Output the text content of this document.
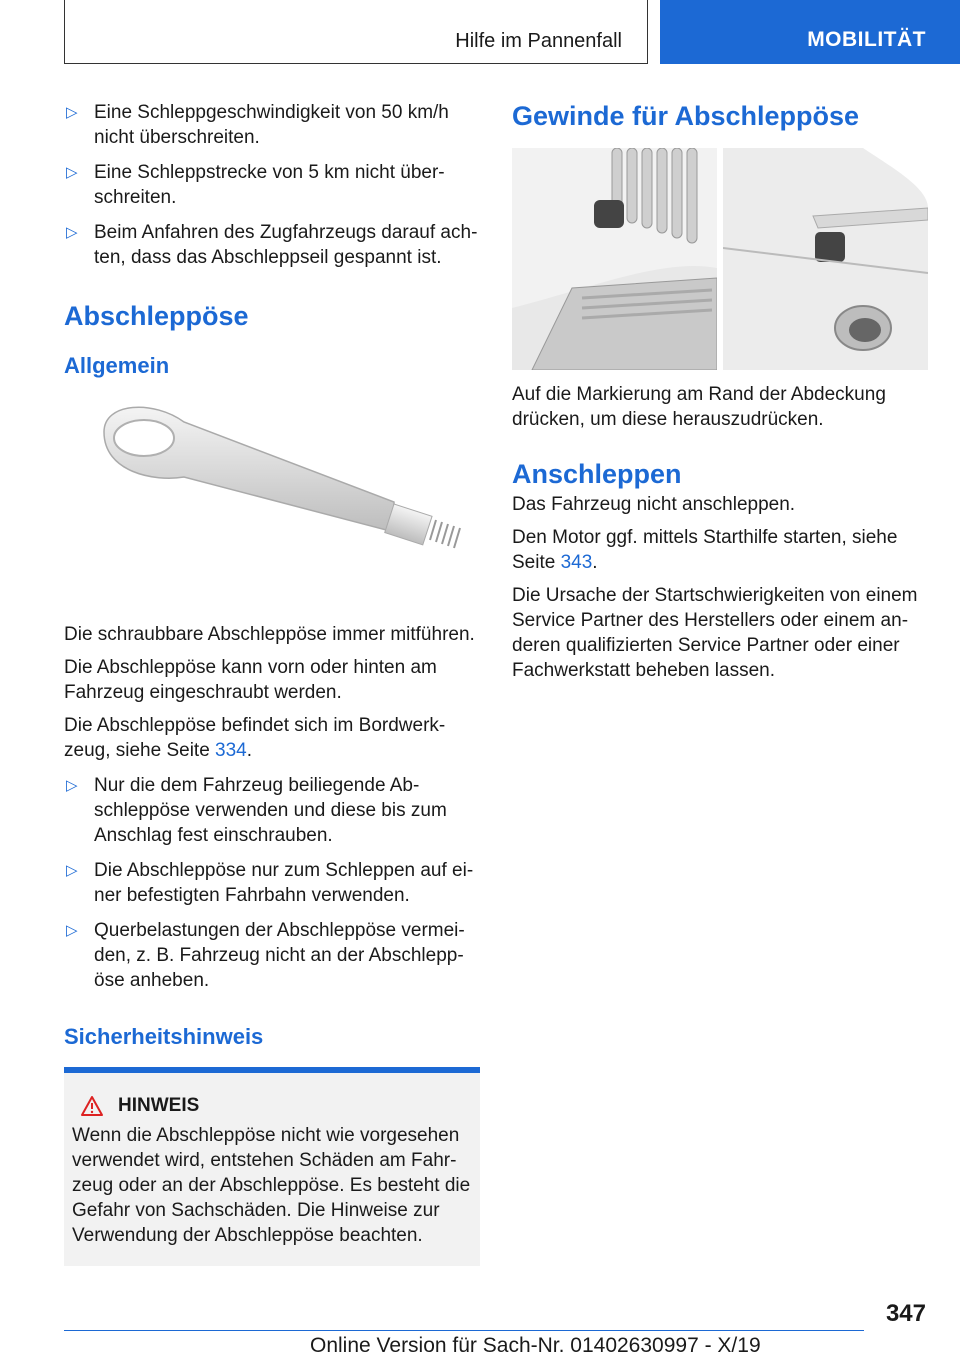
Hilfe im Pannenfall	MOBILITÄT
▷ Eine Schleppgeschwindigkeit von 50 km/h nicht überschreiten.
▷ Eine Schleppstrecke von 5 km nicht überschreiten.
▷ Beim Anfahren des Zugfahrzeugs darauf achten, dass das Abschleppseil gespannt ist.
Abschleppöse
Allgemein

Die schraubbare Abschleppöse immer mitführen.

Die Abschleppöse kann vorn oder hinten am Fahrzeug eingeschraubt werden.

Die Abschleppöse befindet sich im Bordwerkzeug, siehe Seite 334.

▷ Nur die dem Fahrzeug beiliegende Abschleppöse verwenden und diese bis zum Anschlag fest einschrauben.
▷ Die Abschleppöse nur zum Schleppen auf einer befestigten Fahrbahn verwenden.
▷ Querbelastungen der Abschleppöse vermeiden, z. B. Fahrzeug nicht an der Abschleppöse anheben.
Sicherheitshinweis
HINWEIS

Wenn die Abschleppöse nicht wie vorgesehen verwendet wird, entstehen Schäden am Fahrzeug oder an der Abschleppöse. Es besteht die Gefahr von Sachschäden. Die Hinweise zur Verwendung der Abschleppöse beachten.

Gewinde für Abschleppöse

Auf die Markierung am Rand der Abdeckung drücken, um diese herauszudrücken.

Anschleppen

Das Fahrzeug nicht anschleppen.

Den Motor ggf. mittels Starthilfe starten, siehe Seite 343.

Die Ursache der Startschwierigkeiten von einem Service Partner des Herstellers oder einem anderen qualifizierten Service Partner oder einer Fachwerkstatt beheben lassen.

347
Online Version für Sach-Nr. 01402630997 - X/19
